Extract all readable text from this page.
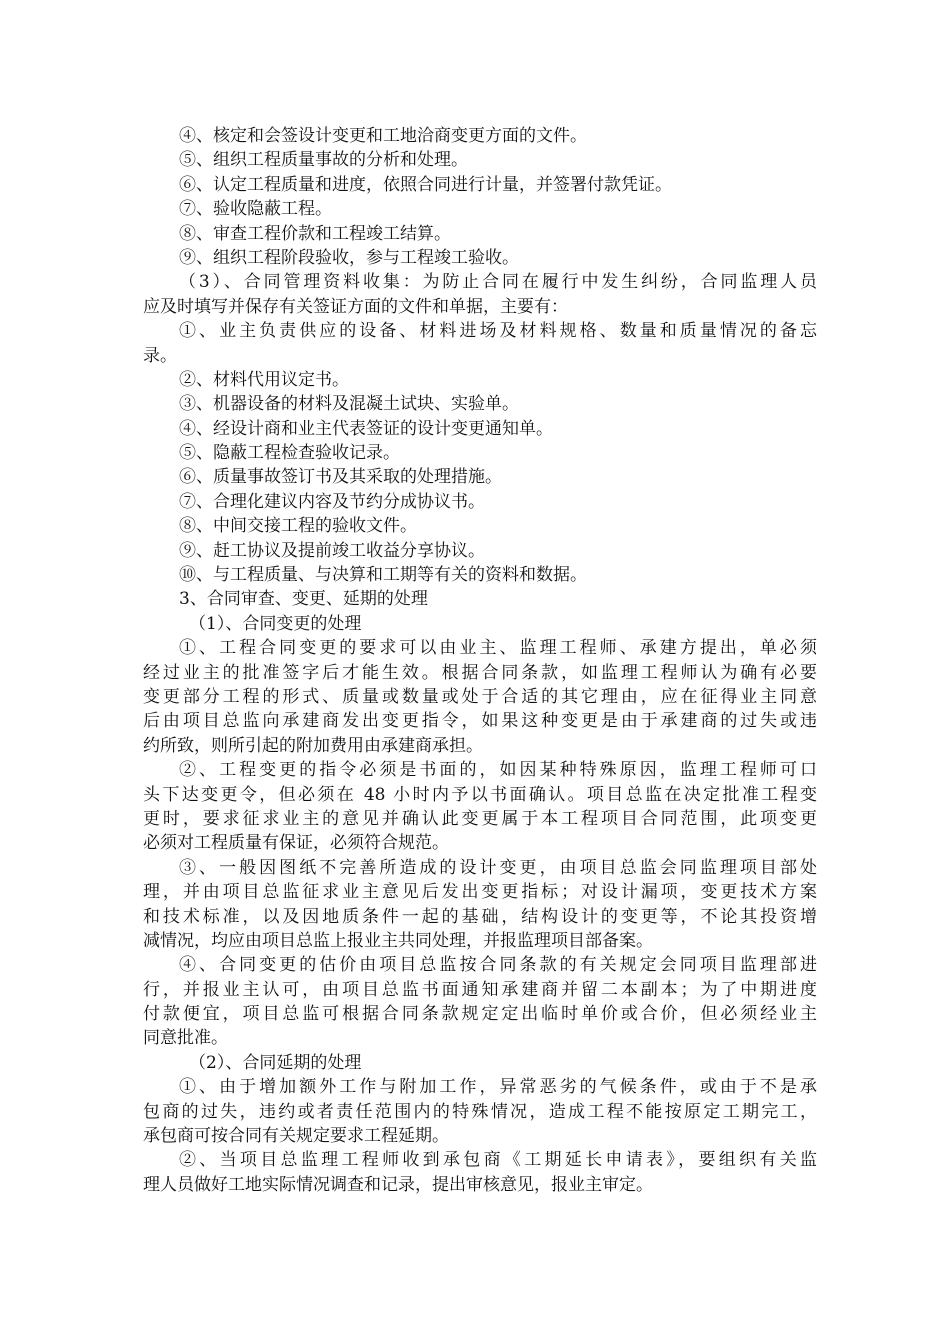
④、核定和会签设计变更和工地洽商变更方面的文件。
⑤、组织工程质量事故的分析和处理。
⑥、认定工程质量和进度，依照合同进行计量，并签署付款凭证。
⑦、验收隐蔽工程。
⑧、审查工程价款和工程竣工结算。
⑨、组织工程阶段验收，参与工程竣工验收。
（3）、合同管理资料收集：为防止合同在履行中发生纠纷，合同监理人员
应及时填写并保存有关签证方面的文件和单据，主要有：
①、业主负责供应的设备、材料进场及材料规格、数量和质量情况的备忘
录。
②、材料代用议定书。
③、机器设备的材料及混凝土试块、实验单。
④、经设计商和业主代表签证的设计变更通知单。
⑤、隐蔽工程检查验收记录。
⑥、质量事故签订书及其采取的处理措施。
⑦、合理化建议内容及节约分成协议书。
⑧、中间交接工程的验收文件。
⑨、赶工协议及提前竣工收益分享协议。
⑩、与工程质量、与决算和工期等有关的资料和数据。
3、合同审查、变更、延期的处理
（1）、合同变更的处理
①、工程合同变更的要求可以由业主、监理工程师、承建方提出，单必须
经过业主的批准签字后才能生效。根据合同条款，如监理工程师认为确有必要
变更部分工程的形式、质量或数量或处于合适的其它理由，应在征得业主同意
后由项目总监向承建商发出变更指令，如果这种变更是由于承建商的过失或违
约所致，则所引起的附加费用由承建商承担。
②、工程变更的指令必须是书面的，如因某种特殊原因，监理工程师可口
头下达变更令，但必须在 48 小时内予以书面确认。项目总监在决定批准工程变
更时，要求征求业主的意见并确认此变更属于本工程项目合同范围，此项变更
必须对工程质量有保证，必须符合规范。
③、一般因图纸不完善所造成的设计变更，由项目总监会同监理项目部处
理，并由项目总监征求业主意见后发出变更指标；对设计漏项，变更技术方案
和技术标准，以及因地质条件一起的基础，结构设计的变更等，不论其投资增
减情况，均应由项目总监上报业主共同处理，并报监理项目部备案。
④、合同变更的估价由项目总监按合同条款的有关规定会同项目监理部进
行，并报业主认可，由项目总监书面通知承建商并留二本副本；为了中期进度
付款便宜，项目总监可根据合同条款规定定出临时单价或合价，但必须经业主
同意批准。
（2）、合同延期的处理
①、由于增加额外工作与附加工作，异常恶劣的气候条件，或由于不是承
包商的过失，违约或者责任范围内的特殊情况，造成工程不能按原定工期完工，
承包商可按合同有关规定要求工程延期。
②、当项目总监理工程师收到承包商《工期延长申请表》，要组织有关监
理人员做好工地实际情况调查和记录，提出审核意见，报业主审定。
